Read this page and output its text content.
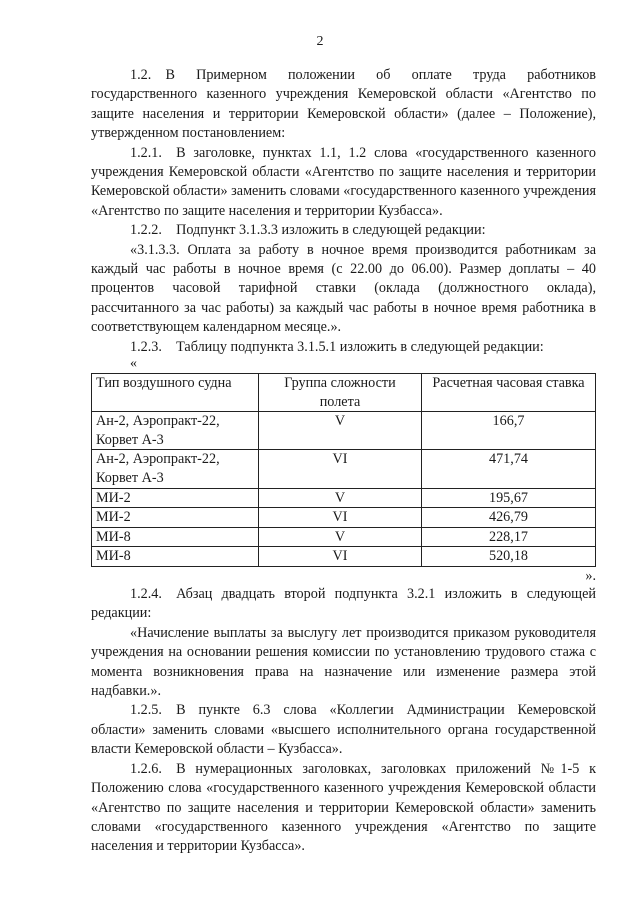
2

1.2. В Примерном положении об оплате труда работников государственного казенного учреждения Кемеровской области «Агентство по защите населения и территории Кемеровской области» (далее – Положение), утвержденном постановлением:

1.2.1. В заголовке, пунктах 1.1, 1.2 слова «государственного казенного учреждения Кемеровской области «Агентство по защите населения и территории Кемеровской области» заменить словами «государственного казенного учреждения «Агентство по защите населения и территории Кузбасса».

1.2.2. Подпункт 3.1.3.3 изложить в следующей редакции:

«3.1.3.3. Оплата за работу в ночное время производится работникам за каждый час работы в ночное время (с 22.00 до 06.00). Размер доплаты – 40 процентов часовой тарифной ставки (оклада (должностного оклада), рассчитанного за час работы) за каждый час работы в ночное время работника в соответствующем календарном месяце.».

1.2.3. Таблицу подпункта 3.1.5.1 изложить в следующей редакции:

«

Тип воздушного судна	Группа сложности полета	Расчетная часовая ставка
Ан-2, Аэропракт-22, Корвет А-3	V	166,7
Ан-2, Аэропракт-22, Корвет А-3	VI	471,74
МИ-2	V	195,67
МИ-2	VI	426,79
МИ-8	V	228,17
МИ-8	VI	520,18

».

1.2.4. Абзац двадцать второй подпункта 3.2.1 изложить в следующей редакции:

«Начисление выплаты за выслугу лет производится приказом руководителя учреждения на основании решения комиссии по установлению трудового стажа с момента возникновения права на назначение или изменение размера этой надбавки.».

1.2.5. В пункте 6.3 слова «Коллегии Администрации Кемеровской области» заменить словами «высшего исполнительного органа государственной власти Кемеровской области – Кузбасса».

1.2.6. В нумерационных заголовках, заголовках приложений №1-5 к Положению слова «государственного казенного учреждения Кемеровской области «Агентство по защите населения и территории Кемеровской области» заменить словами «государственного казенного учреждения «Агентство по защите населения и территории Кузбасса».
